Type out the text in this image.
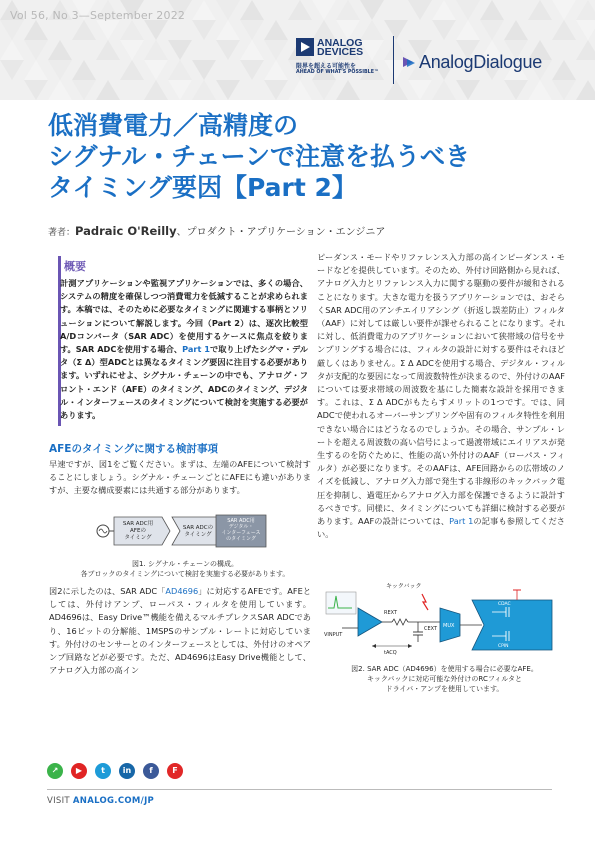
Vol 56, No 3—September 2022
ANALOG
DEVICES
限界を超える可能性を
AHEAD OF WHAT'S POSSIBLE™
AnalogDialogue
低消費電力／高精度の
シグナル・チェーンで注意を払うべき
タイミング要因【Part 2】
著者：Padraic O'Reilly、プロダクト・アプリケーション・エンジニア
概要
計測アプリケーションや監視アプリケーションでは、多くの場合、システムの精度を確保しつつ消費電力を低減することが求められます。本稿では、そのために必要なタイミングに関連する事柄とソリューションについて解説します。今回（Part 2）は、逐次比較型A/Dコンバータ（SAR ADC）を使用するケースに焦点を絞ります。SAR ADCを使用する場合、Part 1で取り上げたシグマ・デルタ（Σ Δ）型ADCとは異なるタイミング要因に注目する必要があります。いずれにせよ、シグナル・チェーンの中でも、アナログ・フロント・エンド（AFE）のタイミング、ADCのタイミング、デジタル・インターフェースのタイミングについて検討を実施する必要があります。
AFEのタイミングに関する検討事項
早速ですが、図1をご覧ください。まずは、左端のAFEについて検討することにしましょう。シグナル・チェーンごとにAFEにも違いがありますが、主要な構成要素には共通する部分があります。
SAR ADC用
AFEの
タイミング
SAR ADCの
タイミング
SAR ADC用
デジタル・
インターフェース
のタイミング
図1. シグナル・チェーンの構成。
各ブロックのタイミングについて検討を実施する必要があります。
図2に示したのは、SAR ADC「AD4696」に対応するAFEです。AFEとしては、外付けアンプ、ローパス・フィルタを使用しています。AD4696は、Easy Drive™機能を備えるマルチプレクスSAR ADCであり、16ビットの分解能、1MSPSのサンプル・レートに対応しています。外付けのセンサーとのインターフェースとしては、外付けのオペアンプ回路などが必要です。ただ、AD4696はEasy Drive機能として、アナログ入力部の高イン
ピーダンス・モードやリファレンス入力部の高インピーダンス・モードなどを提供しています。そのため、外付け回路側から見れば、アナログ入力とリファレンス入力に関する駆動の要件が緩和されることになります。大きな電力を扱うアプリケーションでは、おそらくSAR ADC用のアンチエイリアシング（折返し誤差防止）フィルタ（AAF）に対しては厳しい要件が課せられることになります。それに対し、低消費電力のアプリケーションにおいて狭帯域の信号をサンプリングする場合には、フィルタの設計に対する要件はそれほど厳しくはありません。Σ Δ ADCを使用する場合、デジタル・フィルタが支配的な要因になって周波数特性が決まるので、外付けのAAFについては要求帯域の周波数を基にした簡素な設計を採用できます。これは、Σ Δ ADCがもたらすメリットの1つです。では、同ADCで使われるオーバーサンプリングや固有のフィルタ特性を利用できない場合にはどうなるのでしょうか。その場合、サンプル・レートを超える周波数の高い信号によって過渡帯域にエイリアスが発生するのを防ぐために、性能の高い外付けのAAF（ローパス・フィルタ）が必要になります。そのAAFは、AFE回路からの広帯域のノイズを低減し、アナログ入力部で発生する非線形のキックバック電圧を抑制し、過電圧からアナログ入力部を保護できるように設計するべきです。同様に、タイミングについても詳細に検討する必要があります。AAFの設計については、Part 1の記事も参照してください。
VINPUT
tACQ
REXT
CEXT
キックバック
MUX
CDAC
CPIN
図2. SAR ADC（AD4696）を使用する場合に必要なAFE。
キックバックに対応可能な外付けのRCフィルタと
ドライバ・アンプを使用しています。
↗	▶	t	in	f	F
VISIT ANALOG.COM/JP
